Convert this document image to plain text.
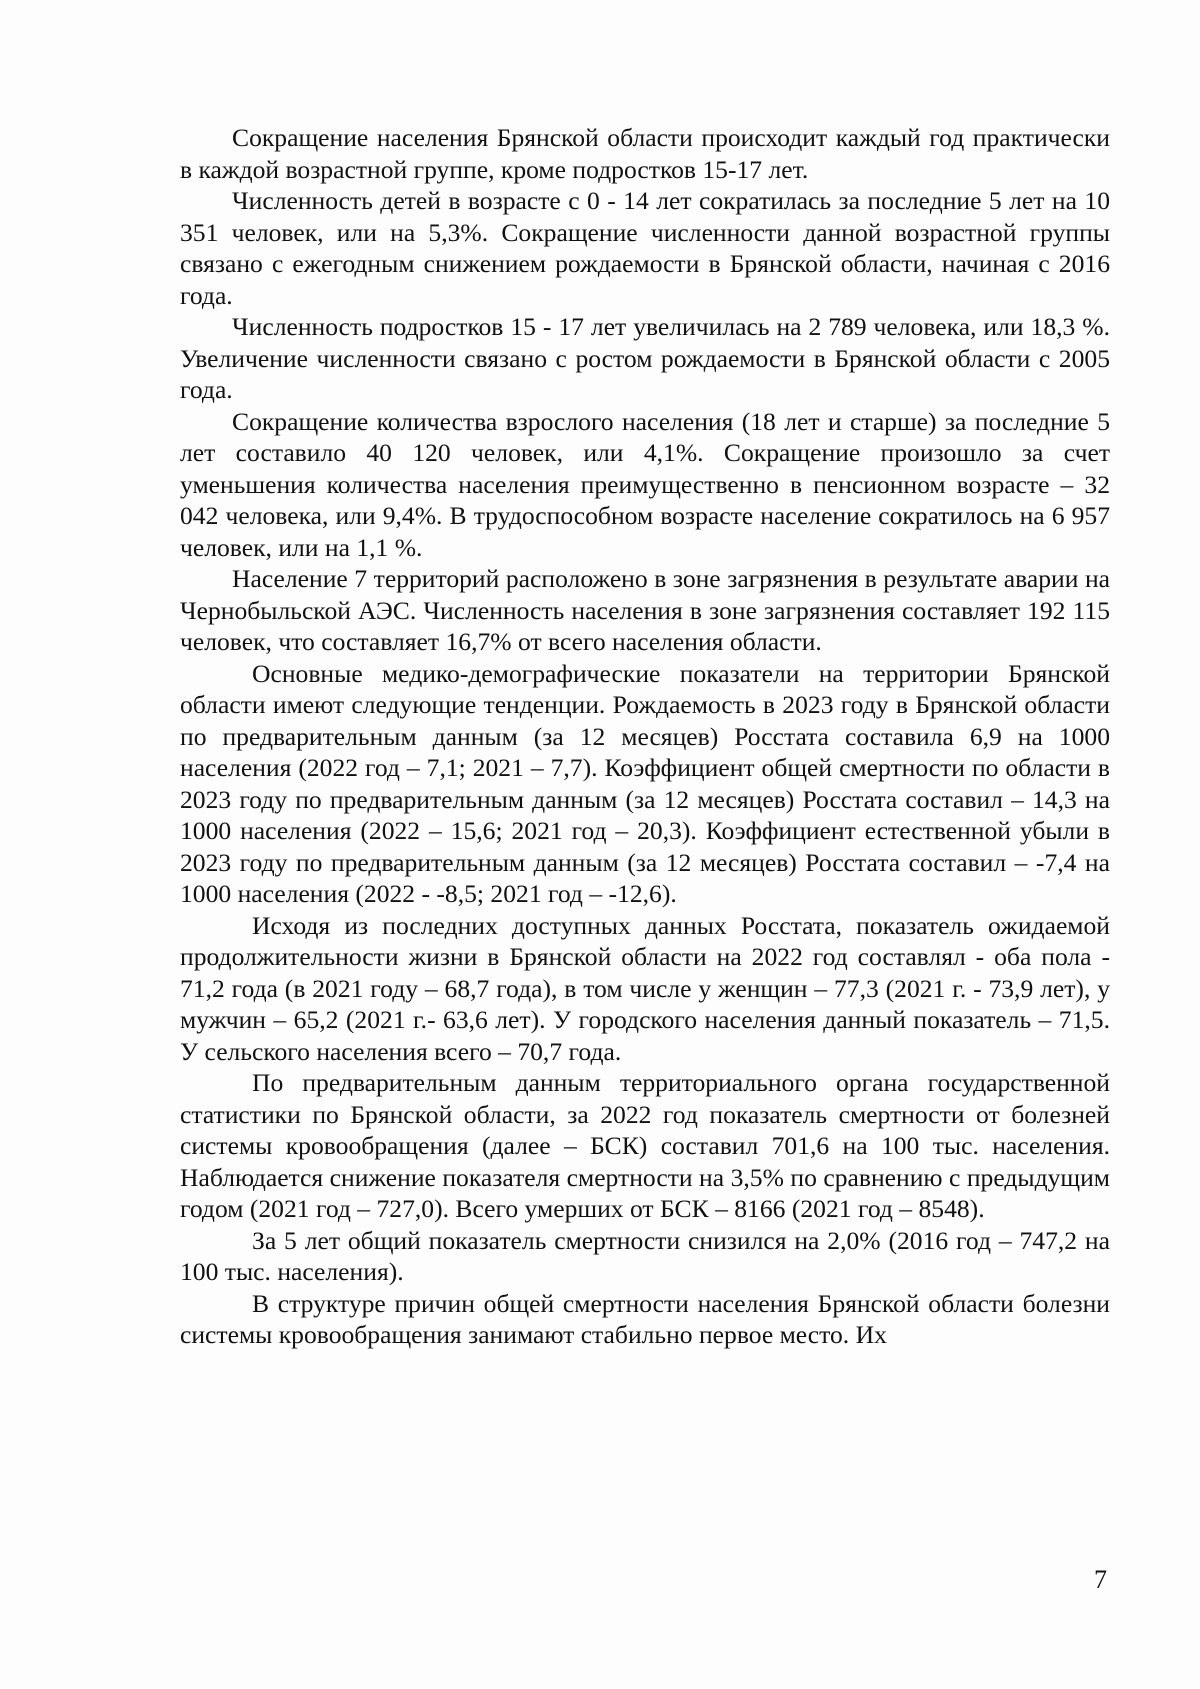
Сокращение населения Брянской области происходит каждый год практически в каждой возрастной группе, кроме подростков 15-17 лет.

Численность детей в возрасте с 0 - 14 лет сократилась за последние 5 лет на 10 351 человек, или на 5,3%. Сокращение численности данной возрастной группы связано с ежегодным снижением рождаемости в Брянской области, начиная с 2016 года.

Численность подростков 15 - 17 лет увеличилась на 2 789 человека, или 18,3 %. Увеличение численности связано с ростом рождаемости в Брянской области с 2005 года.

Сокращение количества взрослого населения (18 лет и старше) за последние 5 лет составило 40 120 человек, или 4,1%. Сокращение произошло за счет уменьшения количества населения преимущественно в пенсионном возрасте – 32 042 человека, или 9,4%. В трудоспособном возрасте население сократилось на 6 957 человек, или на 1,1 %.

Население 7 территорий расположено в зоне загрязнения в результате аварии на Чернобыльской АЭС. Численность населения в зоне загрязнения составляет 192 115 человек, что составляет 16,7% от всего населения области.

Основные медико-демографические показатели на территории Брянской области имеют следующие тенденции. Рождаемость в 2023 году в Брянской области по предварительным данным (за 12 месяцев) Росстата составила 6,9 на 1000 населения (2022 год – 7,1; 2021 – 7,7). Коэффициент общей смертности по области в 2023 году по предварительным данным (за 12 месяцев) Росстата составил – 14,3 на 1000 населения (2022 – 15,6; 2021 год – 20,3). Коэффициент естественной убыли в 2023 году по предварительным данным (за 12 месяцев) Росстата составил – -7,4 на 1000 населения (2022 - -8,5; 2021 год – -12,6).

Исходя из последних доступных данных Росстата, показатель ожидаемой продолжительности жизни в Брянской области на 2022 год составлял - оба пола - 71,2 года (в 2021 году – 68,7 года), в том числе у женщин – 77,3 (2021 г. - 73,9 лет), у мужчин – 65,2 (2021 г.- 63,6 лет). У городского населения данный показатель – 71,5. У сельского населения всего – 70,7 года.

По предварительным данным территориального органа государственной статистики по Брянской области, за 2022 год показатель смертности от болезней системы кровообращения (далее – БСК) составил 701,6 на 100 тыс. населения. Наблюдается снижение показателя смертности на 3,5% по сравнению с предыдущим годом (2021 год – 727,0). Всего умерших от БСК – 8166 (2021 год – 8548).

За 5 лет общий показатель смертности снизился на 2,0% (2016 год – 747,2 на 100 тыс. населения).

В структуре причин общей смертности населения Брянской области болезни системы кровообращения занимают стабильно первое место. Их

7
